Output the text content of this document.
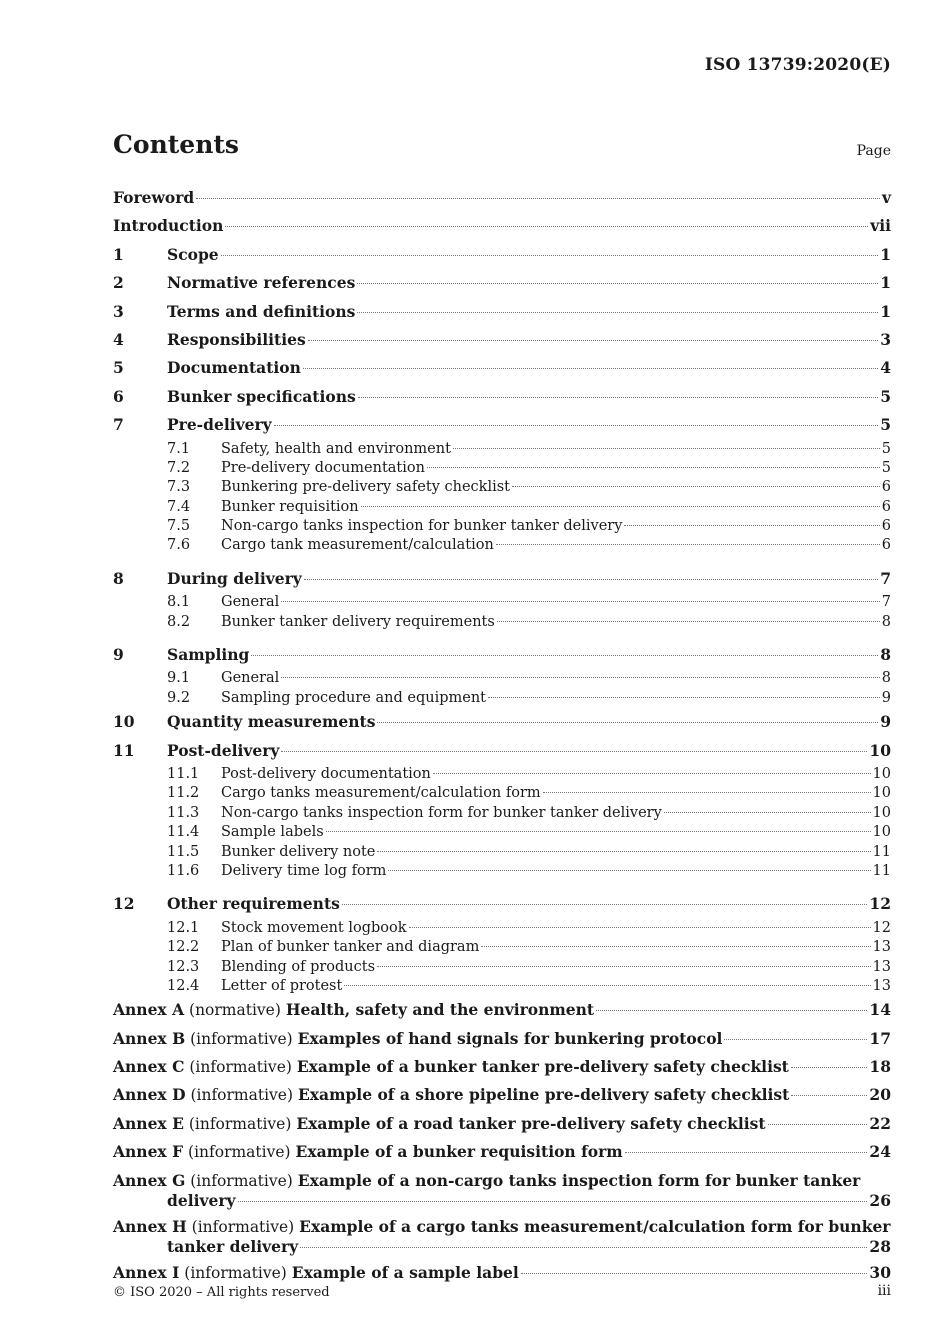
ISO 13739:2020(E)
Contents	Page
Foreword	v
Introduction	vii
1	Scope	1
2	Normative references	1
3	Terms and definitions	1
4	Responsibilities	3
5	Documentation	4
6	Bunker specifications	5
7	Pre-delivery	5
7.1	Safety, health and environment	5
7.2	Pre-delivery documentation	5
7.3	Bunkering pre-delivery safety checklist	6
7.4	Bunker requisition	6
7.5	Non-cargo tanks inspection for bunker tanker delivery	6
7.6	Cargo tank measurement/calculation	6
8	During delivery	7
8.1	General	7
8.2	Bunker tanker delivery requirements	8
9	Sampling	8
9.1	General	8
9.2	Sampling procedure and equipment	9
10	Quantity measurements	9
11	Post-delivery	10
11.1	Post-delivery documentation	10
11.2	Cargo tanks measurement/calculation form	10
11.3	Non-cargo tanks inspection form for bunker tanker delivery	10
11.4	Sample labels	10
11.5	Bunker delivery note	11
11.6	Delivery time log form	11
12	Other requirements	12
12.1	Stock movement logbook	12
12.2	Plan of bunker tanker and diagram	13
12.3	Blending of products	13
12.4	Letter of protest	13
Annex A (normative) Health, safety and the environment	14
Annex B (informative) Examples of hand signals for bunkering protocol	17
Annex C (informative) Example of a bunker tanker pre-delivery safety checklist	18
Annex D (informative) Example of a shore pipeline pre-delivery safety checklist	20
Annex E (informative) Example of a road tanker pre-delivery safety checklist	22
Annex F (informative) Example of a bunker requisition form	24
Annex G (informative) Example of a non-cargo tanks inspection form for bunker tanker
delivery	26
Annex H (informative) Example of a cargo tanks measurement/calculation form for bunker
tanker delivery	28
Annex I (informative) Example of a sample label	30
© ISO 2020 – All rights reserved	iii
